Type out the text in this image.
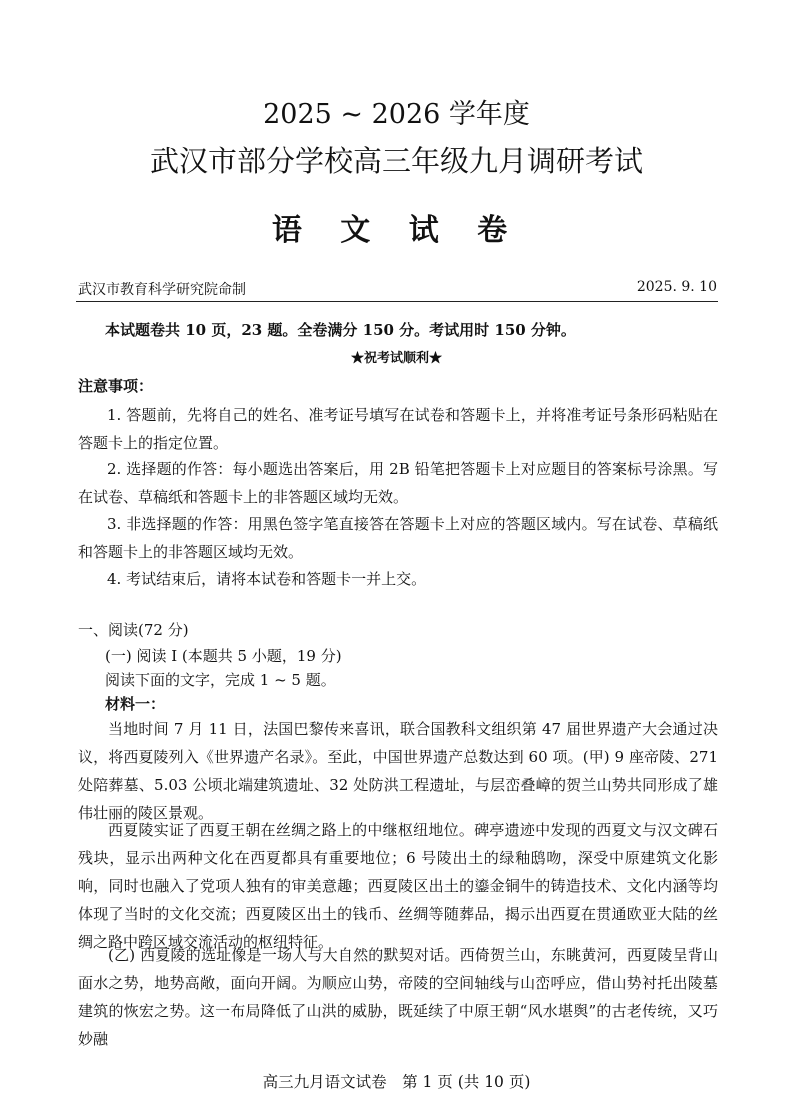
2025 ~ 2026 学年度
武汉市部分学校高三年级九月调研考试
语 文 试 卷
武汉市教育科学研究院命制	2025. 9. 10
本试题卷共 10 页，23 题。全卷满分 150 分。考试用时 150 分钟。
★祝考试顺利★
注意事项：
1. 答题前，先将自己的姓名、准考证号填写在试卷和答题卡上，并将准考证号条形码粘贴在答题卡上的指定位置。
2. 选择题的作答：每小题选出答案后，用 2B 铅笔把答题卡上对应题目的答案标号涂黑。写在试卷、草稿纸和答题卡上的非答题区域均无效。
3. 非选择题的作答：用黑色签字笔直接答在答题卡上对应的答题区域内。写在试卷、草稿纸和答题卡上的非答题区域均无效。
4. 考试结束后，请将本试卷和答题卡一并上交。
一、阅读(72 分)
(一) 阅读 Ⅰ (本题共 5 小题，19 分)
阅读下面的文字，完成 1 ~ 5 题。
材料一：
当地时间 7 月 11 日，法国巴黎传来喜讯，联合国教科文组织第 47 届世界遗产大会通过决议，将西夏陵列入《世界遗产名录》。至此，中国世界遗产总数达到 60 项。(甲) 9 座帝陵、271 处陪葬墓、5.03 公顷北端建筑遗址、32 处防洪工程遗址，与层峦叠嶂的贺兰山势共同形成了雄伟壮丽的陵区景观。
西夏陵实证了西夏王朝在丝绸之路上的中继枢纽地位。碑亭遗迹中发现的西夏文与汉文碑石残块，显示出两种文化在西夏都具有重要地位；6 号陵出土的绿釉鸱吻，深受中原建筑文化影响，同时也融入了党项人独有的审美意趣；西夏陵区出土的鎏金铜牛的铸造技术、文化内涵等均体现了当时的文化交流；西夏陵区出土的钱币、丝绸等随葬品，揭示出西夏在贯通欧亚大陆的丝绸之路中跨区域交流活动的枢纽特征。
(乙) 西夏陵的选址像是一场人与大自然的默契对话。西倚贺兰山，东眺黄河，西夏陵呈背山面水之势，地势高敞，面向开阔。为顺应山势，帝陵的空间轴线与山峦呼应，借山势衬托出陵墓建筑的恢宏之势。这一布局降低了山洪的威胁，既延续了中原王朝“风水堪舆”的古老传统，又巧妙融
高三九月语文试卷　第 1 页 (共 10 页)
